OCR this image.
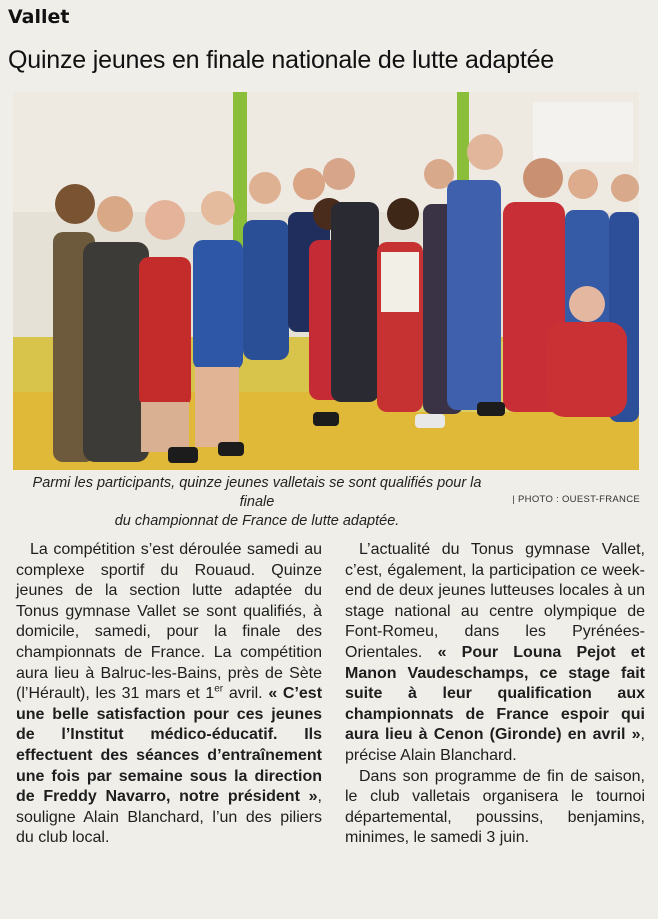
Vallet
Quinze jeunes en finale nationale de lutte adaptée
Parmi les participants, quinze jeunes valletais se sont qualifiés pour la finale
du championnat de France de lutte adaptée.
| PHOTO : OUEST-FRANCE

La compétition s’est déroulée samedi au complexe sportif du Rouaud. Quinze jeunes de la section lutte adaptée du Tonus gymnase Vallet se sont qualifiés, à domicile, samedi, pour la finale des championnats de France. La compétition aura lieu à Balruc-les-Bains, près de Sète (l’Hérault), les 31 mars et 1er avril. « C’est une belle satisfaction pour ces jeunes de l’Institut médico-éducatif. Ils effectuent des séances d’entraînement une fois par semaine sous la direction de Freddy Navarro, notre président », souligne Alain Blanchard, l’un des piliers du club local.

L’actualité du Tonus gymnase Vallet, c’est, également, la participation ce week-end de deux jeunes lutteuses locales à un stage national au centre olympique de Font-Romeu, dans les Pyrénées-Orientales. « Pour Louna Pejot et Manon Vaudeschamps, ce stage fait suite à leur qualification aux championnats de France espoir qui aura lieu à Cenon (Gironde) en avril », précise Alain Blanchard.

Dans son programme de fin de saison, le club valletais organisera le tournoi départemental, poussins, benjamins, minimes, le samedi 3 juin.
